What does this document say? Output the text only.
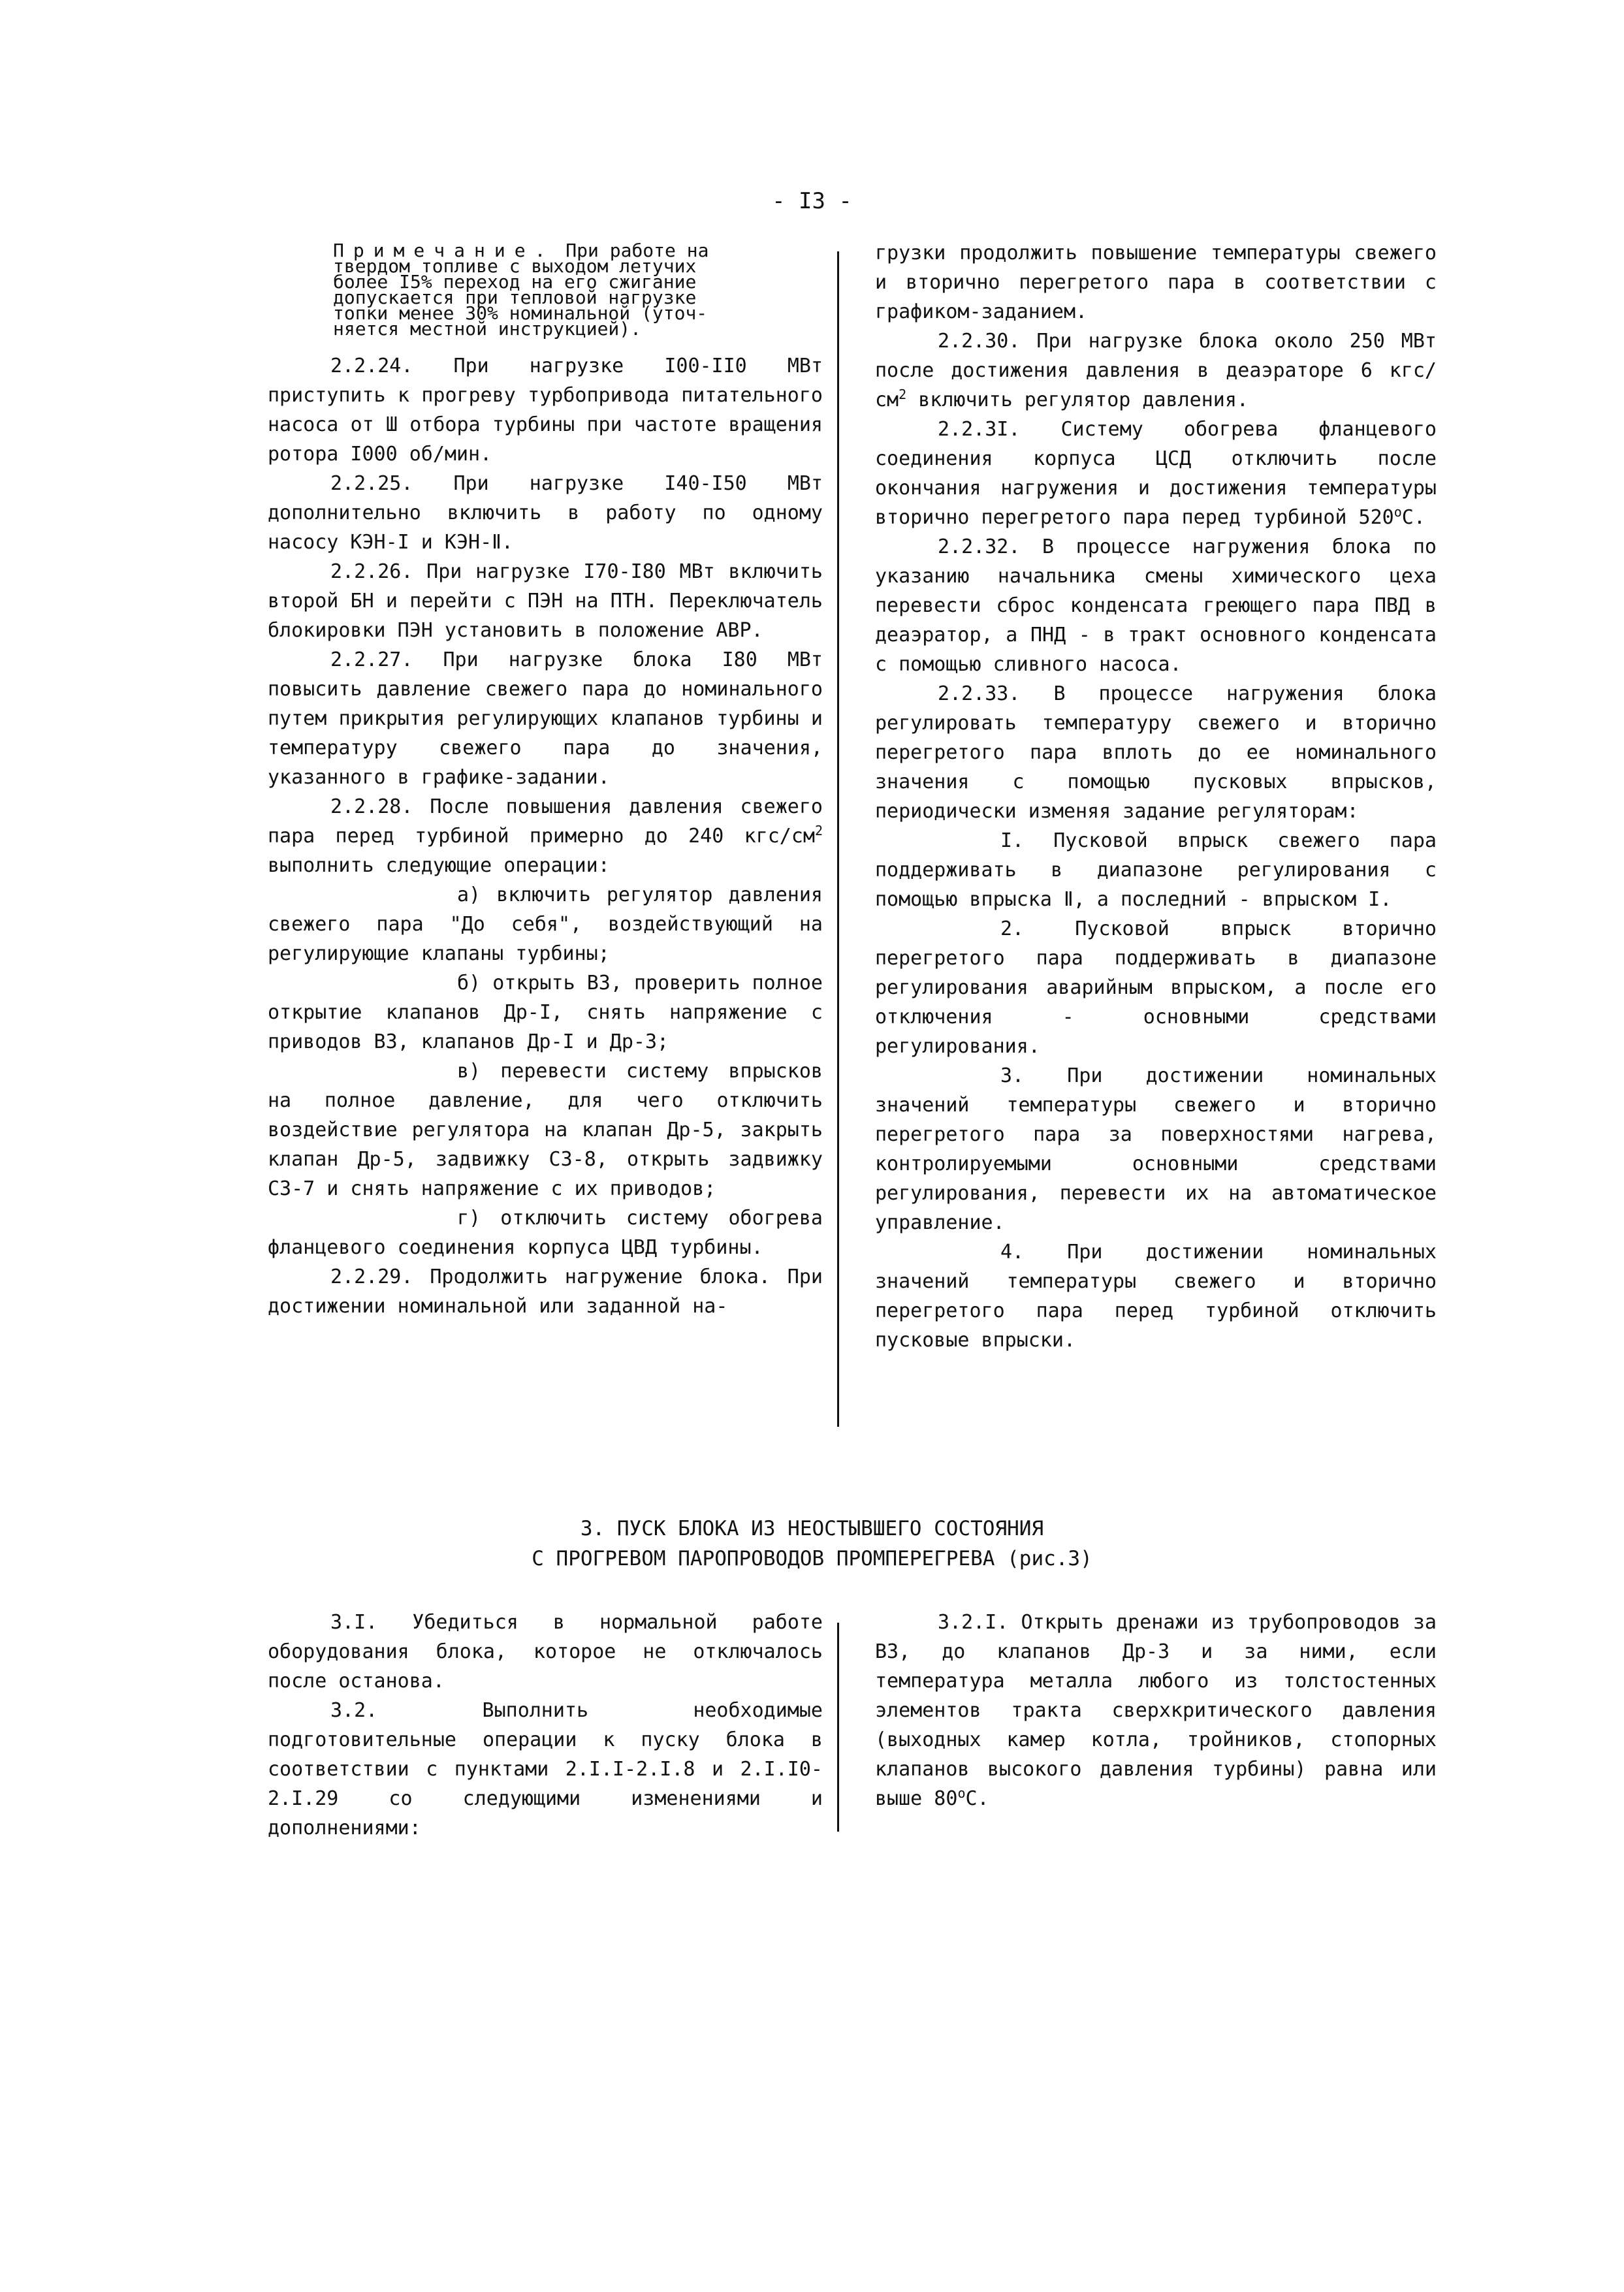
- I3 -

Примечание. При работе на

твердом топливе с выходом летучих
более I5% переход на его сжигание
допускается при тепловой нагрузке
топки менее 30% номинальной (уточ-
няется местной инструкцией).

2.2.24. При нагрузке I00-II0 МВт приступить к прогреву турбопривода питательного насоса от Ш отбора турбины при частоте вращения ротора I000 об/мин.

2.2.25. При нагрузке I40-I50 МВт дополнительно включить в работу по одному насосу КЭН-I и КЭН-Ⅱ.

2.2.26. При нагрузке I70-I80 МВт включить второй БН и перейти с ПЭН на ПТН. Переключатель блокировки ПЭН установить в положение АВР.

2.2.27. При нагрузке блока I80 МВт повысить давление свежего пара до номинального путем прикрытия регулирующих клапанов турбины и температуру свежего пара до значения, указанного в графике-задании.

2.2.28. После повышения давления свежего пара перед турбиной примерно до 240 кгс/$см^2$ выполнить следующие операции:

а) включить регулятор давления свежего пара "До себя", воздействующий на регулирующие клапаны турбины;

б) открыть ВЗ, проверить полное открытие клапанов Др-I, снять напряжение с приводов ВЗ, клапанов Др-I и Др-3;

в) перевести систему впрысков на полное давление, для чего отключить воздействие регулятора на клапан Др-5, закрыть клапан Др-5, задвижку СЗ-8, открыть задвижку СЗ-7 и снять напряжение с их приводов;

г) отключить систему обогрева фланцевого соединения корпуса ЦВД турбины.

2.2.29. Продолжить нагружение блока. При достижении номинальной или заданной на-

грузки продолжить повышение температуры свежего и вторично перегретого пара в соответствии с графиком-заданием.

2.2.30. При нагрузке блока около 250 МВт после достижения давления в деаэраторе 6 кгс/$см^2$ включить регулятор давления.

2.2.3I. Систему обогрева фланцевого соединения корпуса ЦСД отключить после окончания нагружения и достижения температуры вторично перегретого пара перед турбиной 520$^o$С.

2.2.32. В процессе нагружения блока по указанию начальника смены химического цеха перевести сброс конденсата греющего пара ПВД в деаэратор, а ПНД - в тракт основного конденсата с помощью сливного насоса.

2.2.33. В процессе нагружения блока регулировать температуру свежего и вторично перегретого пара вплоть до ее номинального значения с помощью пусковых впрысков, периодически изменяя задание регуляторам:

I. Пусковой впрыск свежего пара поддерживать в диапазоне регулирования с помощью впрыска Ⅱ, а последний - впрыском I.

2. Пусковой впрыск вторично перегретого пара поддерживать в диапазоне регулирования аварийным впрыском, а после его отключения - основными средствами регулирования.

3. При достижении номинальных значений температуры свежего и вторично перегретого пара за поверхностями нагрева, контролируемыми основными средствами регулирования, перевести их на автоматическое управление.

4. При достижении номинальных значений температуры свежего и вторично перегретого пара перед турбиной отключить пусковые впрыски.

3. ПУСК БЛОКА ИЗ НЕОСТЫВШЕГО СОСТОЯНИЯ
С ПРОГРЕВОМ ПАРОПРОВОДОВ ПРОМПЕРЕГРЕВА (рис.3)

3.I. Убедиться в нормальной работе оборудования блока, которое не отключалось после останова.

3.2. Выполнить необходимые подготовительные операции к пуску блока в соответствии с пунктами 2.I.I-2.I.8 и 2.I.I0-2.I.29 со следующими изменениями и дополнениями:

3.2.I. Открыть дренажи из трубопроводов за ВЗ, до клапанов Др-3 и за ними, если температура металла любого из толстостенных элементов тракта сверхкритического давления (выходных камер котла, тройников, стопорных клапанов высокого давления турбины) равна или выше 80$^o$С.
